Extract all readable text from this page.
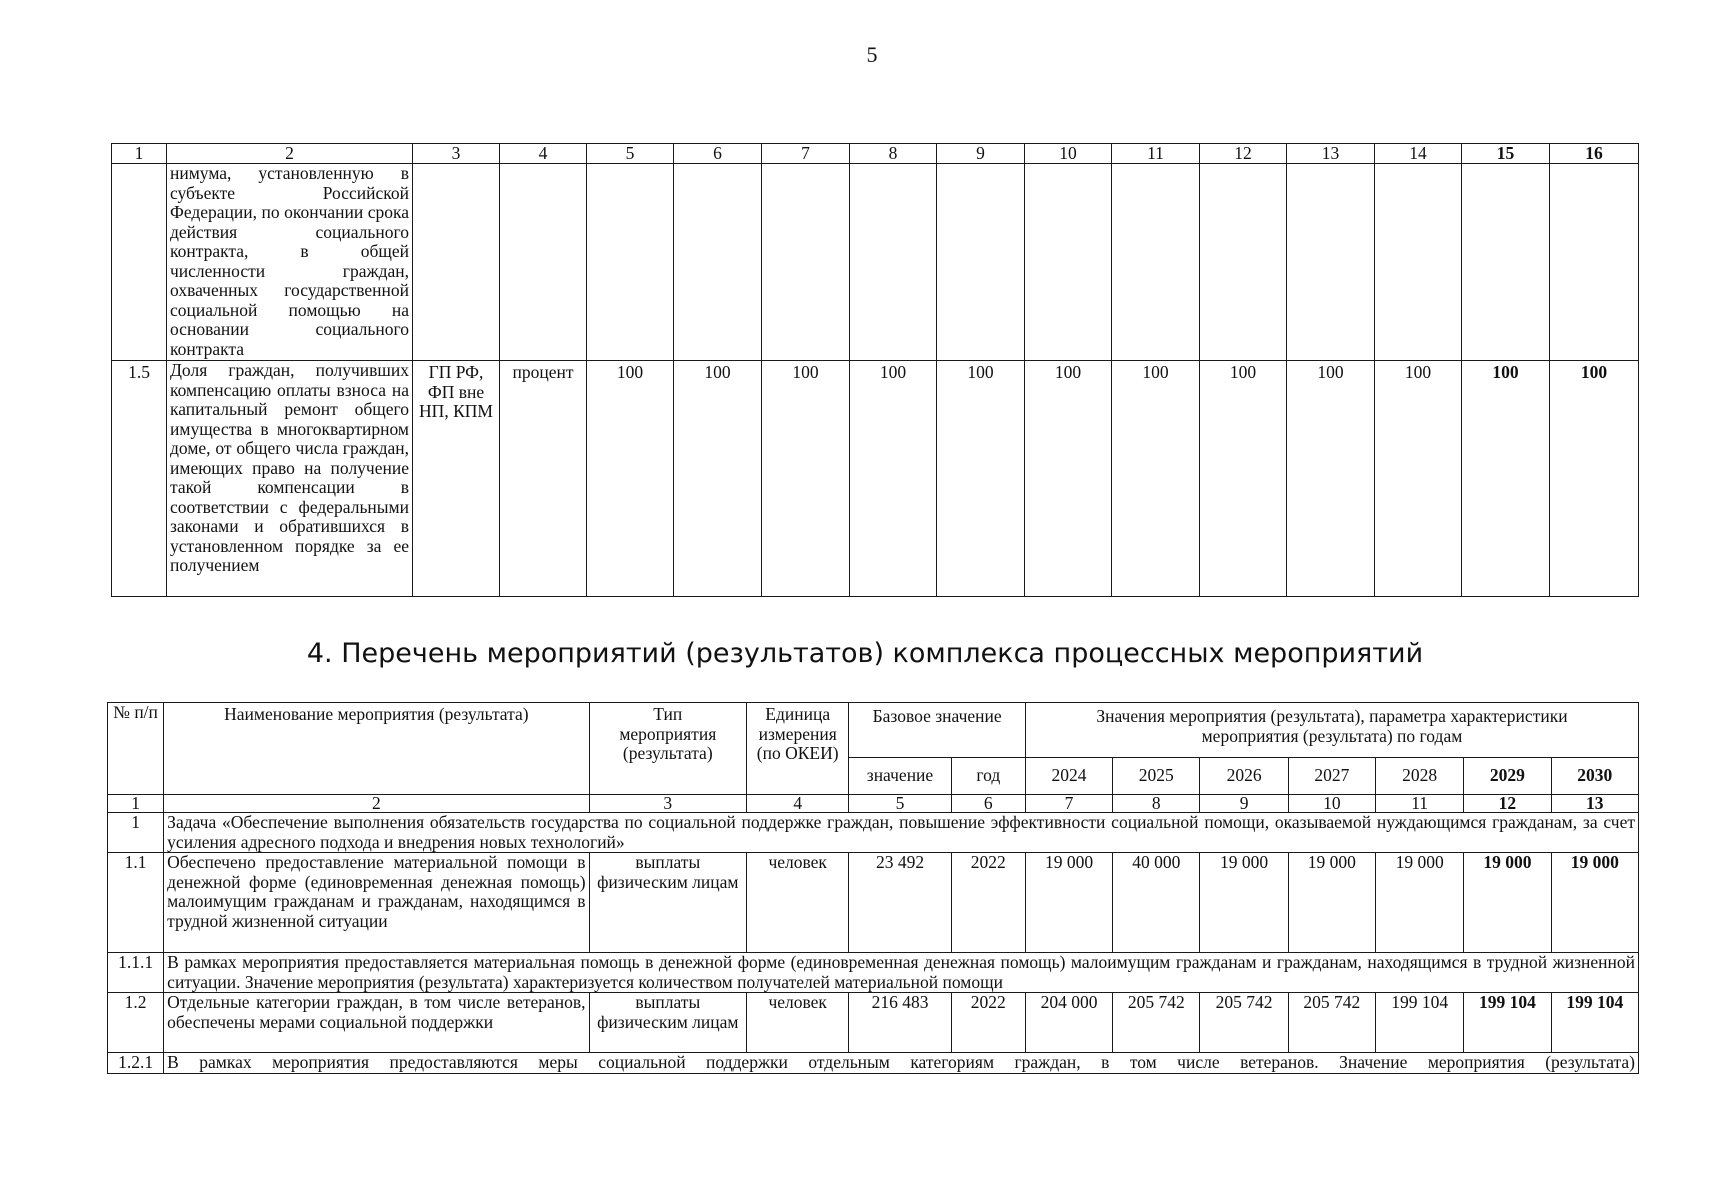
5
1	2	3	4	5	6	7	8	9	10	11	12	13	14	15	16
	нимума, установленную в субъекте Российской Федерации, по окончании срока действия социального контракта, в общей численности граждан, охваченных государственной социальной помощью на основании социального контракта														
1.5	Доля граждан, получивших компенсацию оплаты взноса на капитальный ремонт общего имущества в многоквартирном доме, от общего числа граждан, имеющих право на получение такой компенсации в соответствии с федеральными законами и обратившихся в установленном порядке за ее получением	ГП РФ, ФП вне НП, КПМ	процент	100	100	100	100	100	100	100	100	100	100	100	100
4. Перечень мероприятий (результатов) комплекса процессных мероприятий
№ п/п	Наименование мероприятия (результата)	Тип мероприятия (результата)	Единица измерения (по ОКЕИ)	Базовое значение		Значения мероприятия (результата), параметра характеристики мероприятия (результата) по годам						
				значение	год	2024	2025	2026	2027	2028	2029	2030
1	2	3	4	5	6	7	8	9	10	11	12	13
1	Задача «Обеспечение выполнения обязательств государства по социальной поддержке граждан, повышение эффективности социальной помощи, оказываемой нуждающимся гражданам, за счет усиления адресного подхода и внедрения новых технологий»											
1.1	Обеспечено предоставление материальной помощи в денежной форме (единовременная денежная помощь) малоимущим гражданам и гражданам, находящимся в трудной жизненной ситуации	выплаты физическим лицам	человек	23 492	2022	19 000	40 000	19 000	19 000	19 000	19 000	19 000
1.1.1	В рамках мероприятия предоставляется материальная помощь в денежной форме (единовременная денежная помощь) малоимущим гражданам и гражданам, находящимся в трудной жизненной ситуации. Значение мероприятия (результата) характеризуется количеством получателей материальной помощи											
1.2	Отдельные категории граждан, в том числе ветеранов, обеспечены мерами социальной поддержки	выплаты физическим лицам	человек	216 483	2022	204 000	205 742	205 742	205 742	199 104	199 104	199 104
1.2.1	В рамках мероприятия предоставляются меры социальной поддержки отдельным категориям граждан, в том числе ветеранов. Значение мероприятия (результата)											
